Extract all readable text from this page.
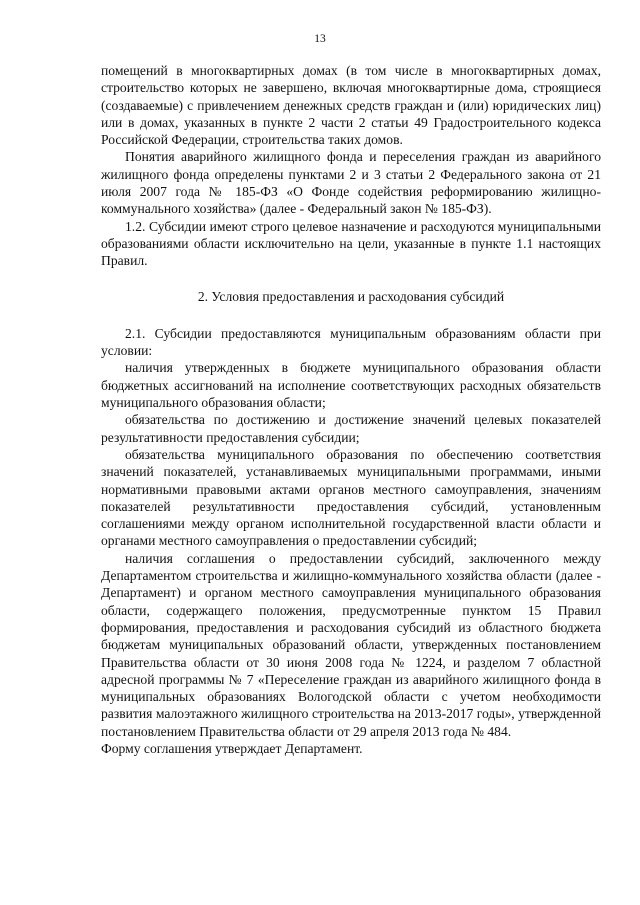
13

помещений в многоквартирных домах (в том числе в многоквартирных домах, строительство которых не завершено, включая многоквартирные дома, строящиеся (создаваемые) с привлечением денежных средств граждан и (или) юридических лиц) или в домах, указанных в пункте 2 части 2 статьи 49 Градостроительного кодекса Российской Федерации, строительства таких домов.

Понятия аварийного жилищного фонда и переселения граждан из аварийного жилищного фонда определены пунктами 2 и 3 статьи 2 Федерального закона от 21 июля 2007 года № 185-ФЗ «О Фонде содействия реформированию жилищно-коммунального хозяйства» (далее - Федеральный закон № 185-ФЗ).

1.2. Субсидии имеют строго целевое назначение и расходуются муниципальными образованиями области исключительно на цели, указанные в пункте 1.1 настоящих Правил.

2. Условия предоставления и расходования субсидий

2.1. Субсидии предоставляются муниципальным образованиям области при условии:

наличия утвержденных в бюджете муниципального образования области бюджетных ассигнований на исполнение соответствующих расходных обязательств муниципального образования области;

обязательства по достижению и достижение значений целевых показателей результативности предоставления субсидии;

обязательства муниципального образования по обеспечению соответствия значений показателей, устанавливаемых муниципальными программами, иными нормативными правовыми актами органов местного самоуправления, значениям показателей результативности предоставления субсидий, установленным соглашениями между органом исполнительной государственной власти области и органами местного самоуправления о предоставлении субсидий;

наличия соглашения о предоставлении субсидий, заключенного между Департаментом строительства и жилищно-коммунального хозяйства области (далее - Департамент) и органом местного самоуправления муниципального образования области, содержащего положения, предусмотренные пунктом 15 Правил формирования, предоставления и расходования субсидий из областного бюджета бюджетам муниципальных образований области, утвержденных постановлением Правительства области от 30 июня 2008 года № 1224, и разделом 7 областной адресной программы № 7 «Переселение граждан из аварийного жилищного фонда в муниципальных образованиях Вологодской области с учетом необходимости развития малоэтажного жилищного строительства на 2013-2017 годы», утвержденной постановлением Правительства области от 29 апреля 2013 года № 484.

Форму соглашения утверждает Департамент.
